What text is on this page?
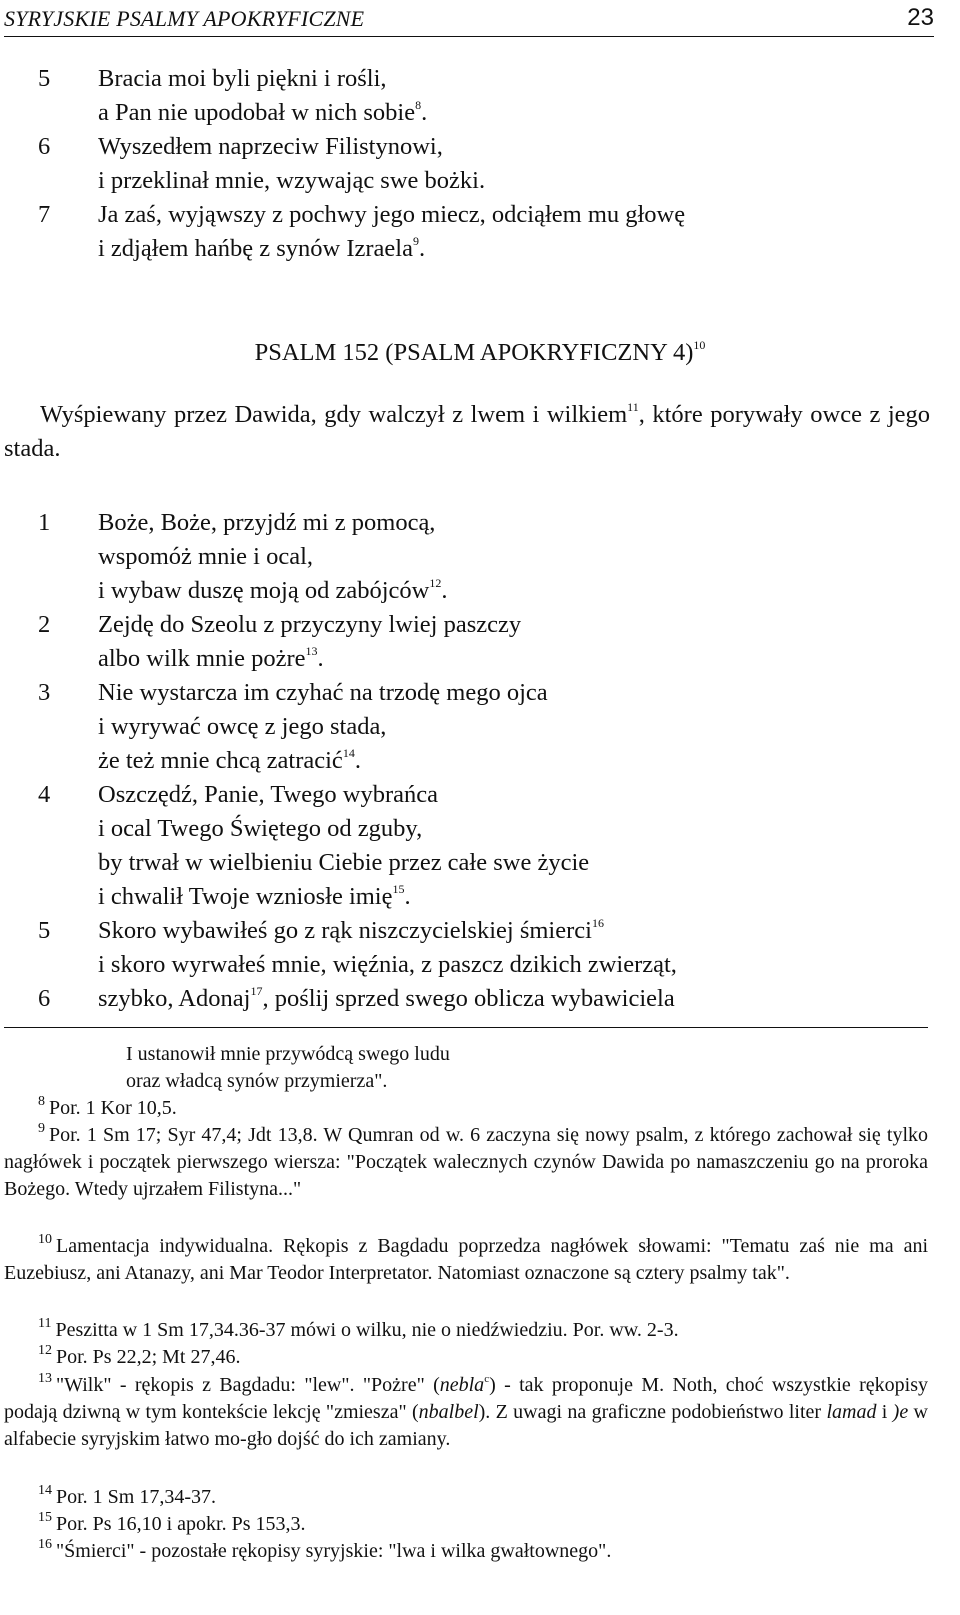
SYRYJSKIE PSALMY APOKRYFICZNE	23
5 Bracia moi byli piękni i rośli,
a Pan nie upodobał w nich sobie$^8$.
6 Wyszedłem naprzeciw Filistynowi,
i przeklinał mnie, wzywając swe bożki.
7 Ja zaś, wyjąwszy z pochwy jego miecz, odciąłem mu głowę
i zdjąłem hańbę z synów Izraela$^9$.
PSALM 152 (PSALM APOKRYFICZNY 4)$^{10}$
Wyśpiewany przez Dawida, gdy walczył z lwem i wilkiem$^{11}$, które porywały owce z jego stada.
1 Boże, Boże, przyjdź mi z pomocą,
wspomóż mnie i ocal,
i wybaw duszę moją od zabójców$^{12}$.
2 Zejdę do Szeolu z przyczyny lwiej paszczy
albo wilk mnie pożre$^{13}$.
3 Nie wystarcza im czyhać na trzodę mego ojca
i wyrywać owcę z jego stada,
że też mnie chcą zatracić$^{14}$.
4 Oszczędź, Panie, Twego wybrańca
i ocal Twego Świętego od zguby,
by trwał w wielbieniu Ciebie przez całe swe życie
i chwalił Twoje wzniosłe imię$^{15}$.
5 Skoro wybawiłeś go z rąk niszczycielskiej śmierci$^{16}$
i skoro wyrwałeś mnie, więźnia, z paszcz dzikich zwierząt,
6 szybko, Adonaj$^{17}$, poślij sprzed swego oblicza wybawiciela
I ustanowił mnie przywódcą swego ludu
oraz władcą synów przymierza".
$^8$ Por. 1 Kor 10,5.
$^9$ Por. 1 Sm 17; Syr 47,4; Jdt 13,8. W Qumran od w. 6 zaczyna się nowy psalm, z którego zachował się tylko nagłówek i początek pierwszego wiersza: "Początek walecznych czynów Dawida po namaszczeniu go na proroka Bożego. Wtedy ujrzałem Filistyna..."
$^{10}$ Lamentacja indywidualna. Rękopis z Bagdadu poprzedza nagłówek słowami: "Tematu zaś nie ma ani Euzebiusz, ani Atanazy, ani Mar Teodor Interpretator. Natomiast oznaczone są cztery psalmy tak".
$^{11}$ Peszitta w 1 Sm 17,34.36-37 mówi o wilku, nie o niedźwiedziu. Por. ww. 2-3.
$^{12}$ Por. Ps 22,2; Mt 27,46.
$^{13}$ "Wilk" - rękopis z Bagdadu: "lew". "Pożre" (nebla$^c$) - tak proponuje M. Noth, choć wszystkie rękopisy podają dziwną w tym kontekście lekcję "zmiesza" (nbalbel). Z uwagi na graficzne podobieństwo liter lamad i )e w alfabecie syryjskim łatwo mo-gło dojść do ich zamiany.
$^{14}$ Por. 1 Sm 17,34-37.
$^{15}$ Por. Ps 16,10 i apokr. Ps 153,3.
$^{16}$ "Śmierci" - pozostałe rękopisy syryjskie: "lwa i wilka gwałtownego".
